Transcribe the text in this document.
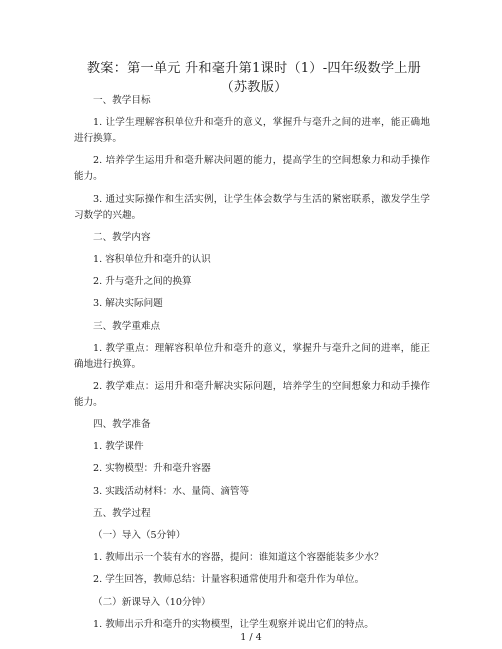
教案：第一单元 升和毫升第1课时（1）-四年级数学上册（苏教版）

一、教学目标

1. 让学生理解容积单位升和毫升的意义，掌握升与毫升之间的进率，能正确地进行换算。

2. 培养学生运用升和毫升解决问题的能力，提高学生的空间想象力和动手操作能力。

3. 通过实际操作和生活实例，让学生体会数学与生活的紧密联系，激发学生学习数学的兴趣。

二、教学内容

1. 容积单位升和毫升的认识

2. 升与毫升之间的换算

3. 解决实际问题

三、教学重难点

1. 教学重点：理解容积单位升和毫升的意义，掌握升与毫升之间的进率，能正确地进行换算。

2. 教学难点：运用升和毫升解决实际问题，培养学生的空间想象力和动手操作能力。

四、教学准备

1. 教学课件

2. 实物模型：升和毫升容器

3. 实践活动材料：水、量筒、滴管等

五、教学过程

（一）导入（5分钟）

1. 教师出示一个装有水的容器，提问：谁知道这个容器能装多少水？

2. 学生回答，教师总结：计量容积通常使用升和毫升作为单位。

（二）新课导入（10分钟）

1. 教师出示升和毫升的实物模型，让学生观察并说出它们的特点。

1 / 4
